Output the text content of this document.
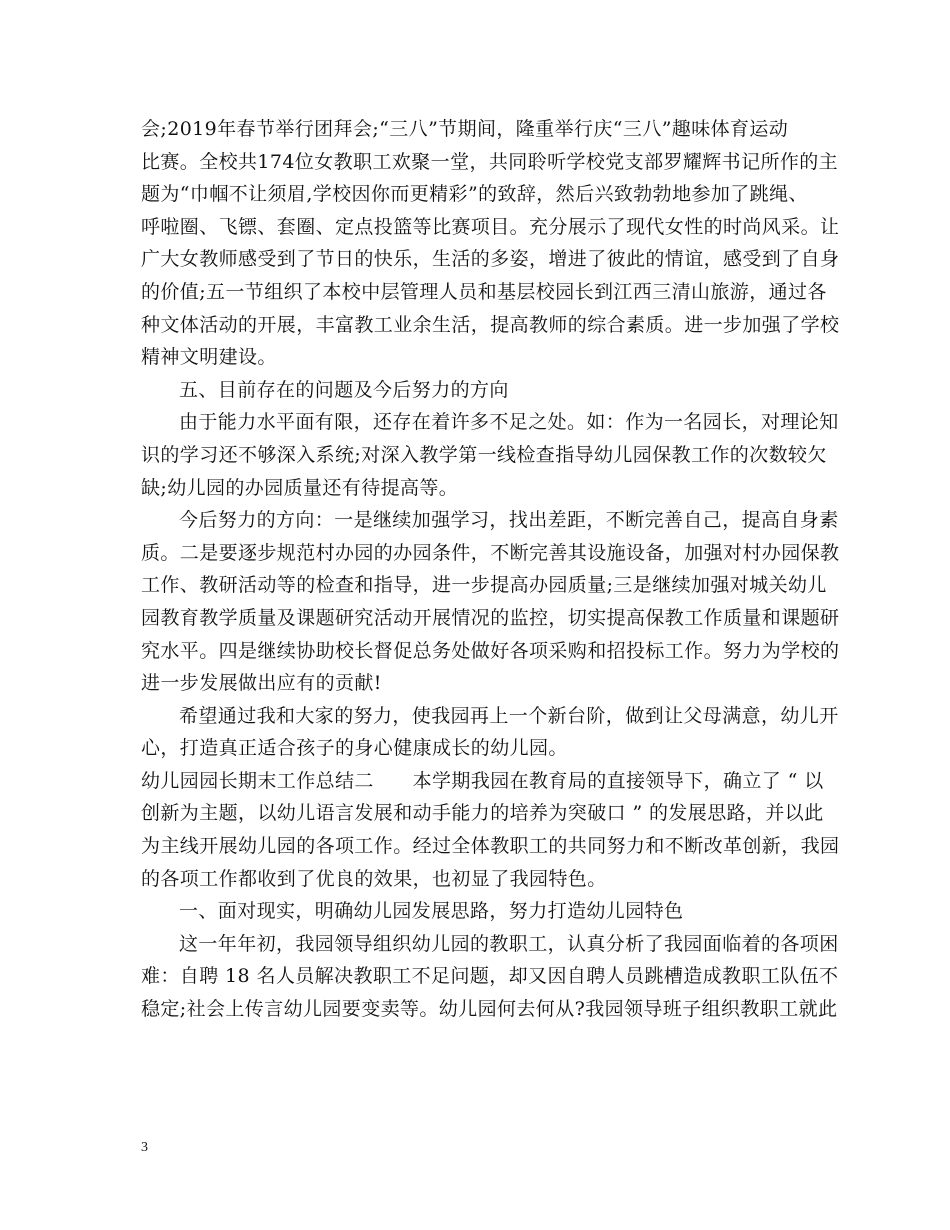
会;2019年春节举行团拜会;“三八”节期间，隆重举行庆“三八”趣味体育运动
比赛。全校共174位女教职工欢聚一堂，共同聆听学校党支部罗耀辉书记所作的主
题为“巾帼不让须眉,学校因你而更精彩”的致辞，然后兴致勃勃地参加了跳绳、
呼啦圈、飞镖、套圈、定点投篮等比赛项目。充分展示了现代女性的时尚风采。让
广大女教师感受到了节日的快乐，生活的多姿，增进了彼此的情谊，感受到了自身
的价值;五一节组织了本校中层管理人员和基层校园长到江西三清山旅游，通过各
种文体活动的开展，丰富教工业余生活，提高教师的综合素质。进一步加强了学校
精神文明建设。
五、目前存在的问题及今后努力的方向
由于能力水平面有限，还存在着许多不足之处。如：作为一名园长，对理论知
识的学习还不够深入系统;对深入教学第一线检查指导幼儿园保教工作的次数较欠
缺;幼儿园的办园质量还有待提高等。
今后努力的方向：一是继续加强学习，找出差距，不断完善自己，提高自身素
质。二是要逐步规范村办园的办园条件，不断完善其设施设备，加强对村办园保教
工作、教研活动等的检查和指导，进一步提高办园质量;三是继续加强对城关幼儿
园教育教学质量及课题研究活动开展情况的监控，切实提高保教工作质量和课题研
究水平。四是继续协助校长督促总务处做好各项采购和招投标工作。努力为学校的
进一步发展做出应有的贡献!
希望通过我和大家的努力，使我园再上一个新台阶，做到让父母满意，幼儿开
心，打造真正适合孩子的身心健康成长的幼儿园。
幼儿园园长期末工作总结二　　本学期我园在教育局的直接领导下，确立了 “ 以
创新为主题，以幼儿语言发展和动手能力的培养为突破口 ” 的发展思路，并以此
为主线开展幼儿园的各项工作。经过全体教职工的共同努力和不断改革创新，我园
的各项工作都收到了优良的效果，也初显了我园特色。
一、面对现实，明确幼儿园发展思路，努力打造幼儿园特色
这一年年初，我园领导组织幼儿园的教职工，认真分析了我园面临着的各项困
难：自聘 18 名人员解决教职工不足问题，却又因自聘人员跳槽造成教职工队伍不
稳定;社会上传言幼儿园要变卖等。幼儿园何去何从?我园领导班子组织教职工就此
3
